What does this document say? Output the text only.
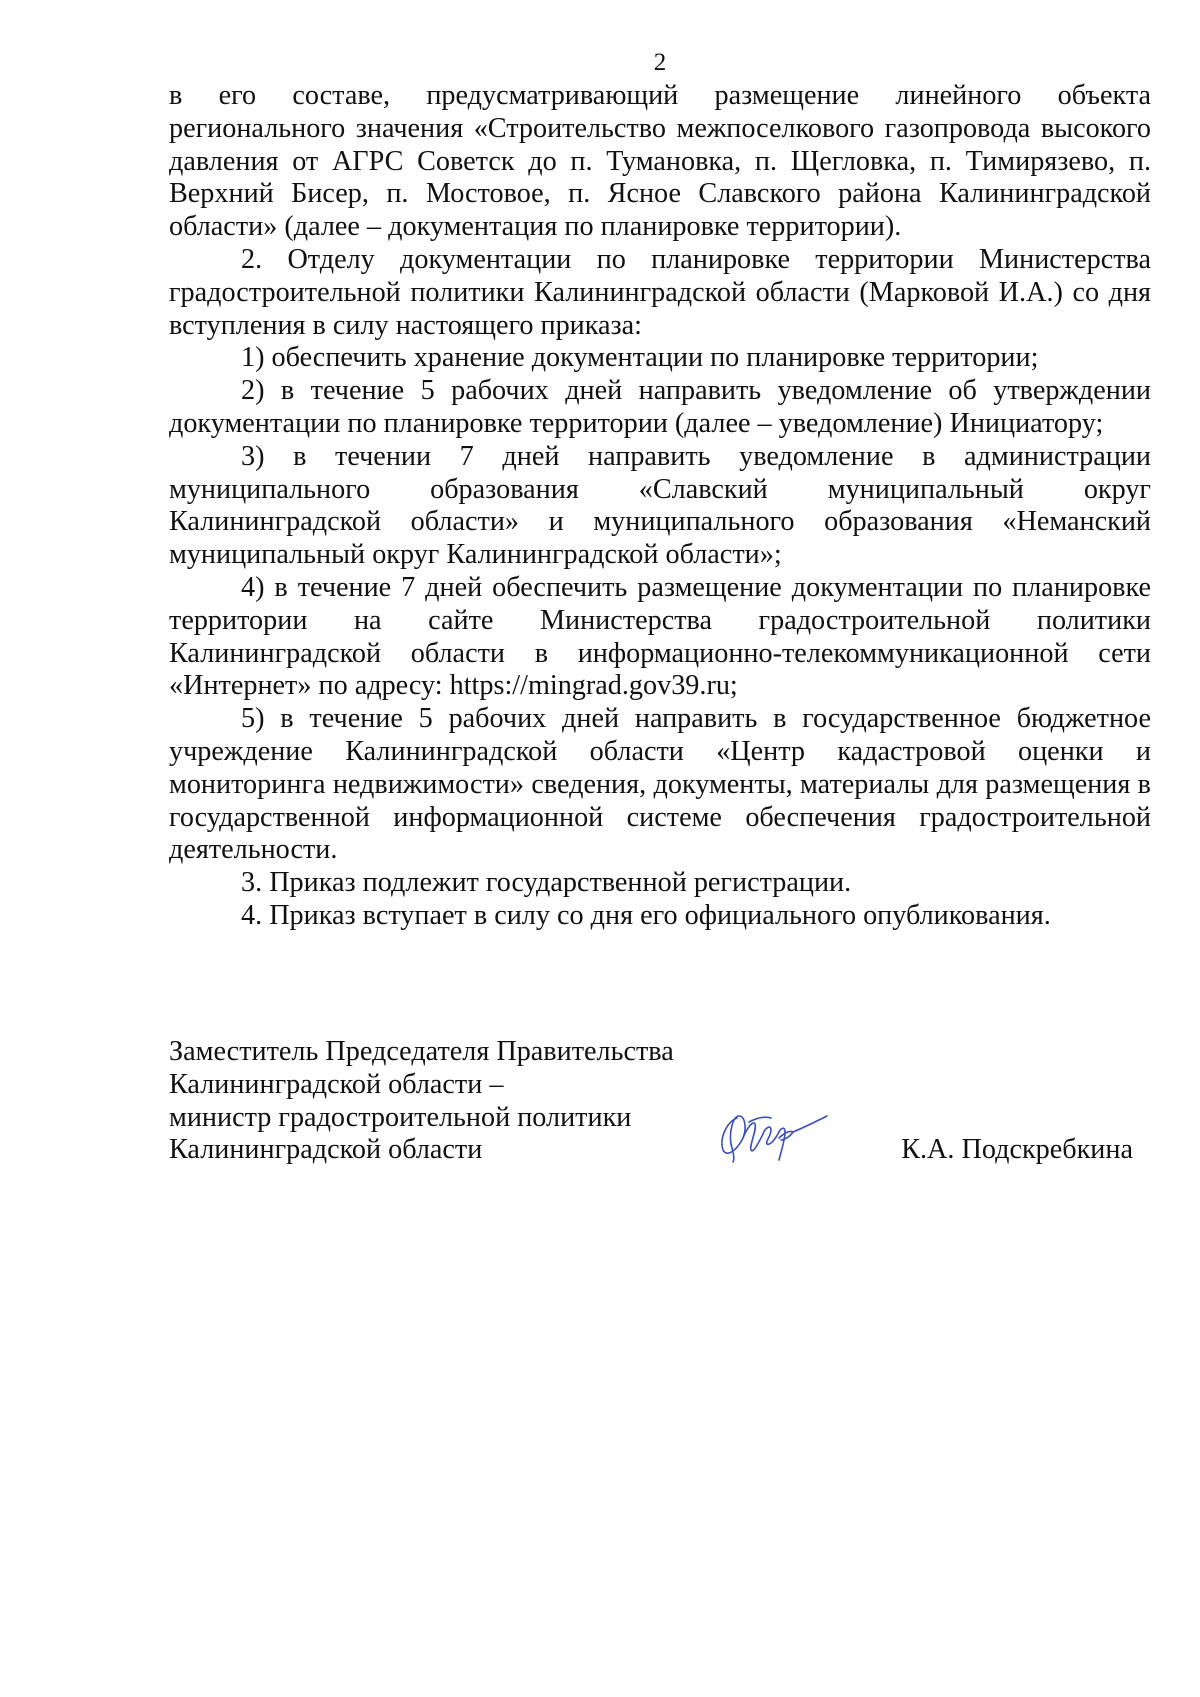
2

в его составе, предусматривающий размещение линейного объекта регионального значения «Строительство межпоселкового газопровода высокого давления от АГРС Советск до п. Тумановка, п. Щегловка, п. Тимирязево, п. Верхний Бисер, п. Мостовое, п. Ясное Славского района Калининградской области» (далее – документация по планировке территории).

2. Отделу документации по планировке территории Министерства градостроительной политики Калининградской области (Марковой И.А.) со дня вступления в силу настоящего приказа:

1) обеспечить хранение документации по планировке территории;

2) в течение 5 рабочих дней направить уведомление об утверждении документации по планировке территории (далее – уведомление) Инициатору;

3) в течении 7 дней направить уведомление в администрации муниципального образования «Славский муниципальный округ Калининградской области» и муниципального образования «Неманский муниципальный округ Калининградской области»;

4) в течение 7 дней обеспечить размещение документации по планировке территории на сайте Министерства градостроительной политики Калининградской области в информационно-телекоммуникационной сети «Интернет» по адресу: https://mingrad.gov39.ru;

5) в течение 5 рабочих дней направить в государственное бюджетное учреждение Калининградской области «Центр кадастровой оценки и мониторинга недвижимости» сведения, документы, материалы для размещения в государственной информационной системе обеспечения градостроительной деятельности.

3. Приказ подлежит государственной регистрации.

4. Приказ вступает в силу со дня его официального опубликования.

Заместитель Председателя Правительства
Калининградской области –
министр градостроительной политики
Калининградской области	К.А. Подскребкина
